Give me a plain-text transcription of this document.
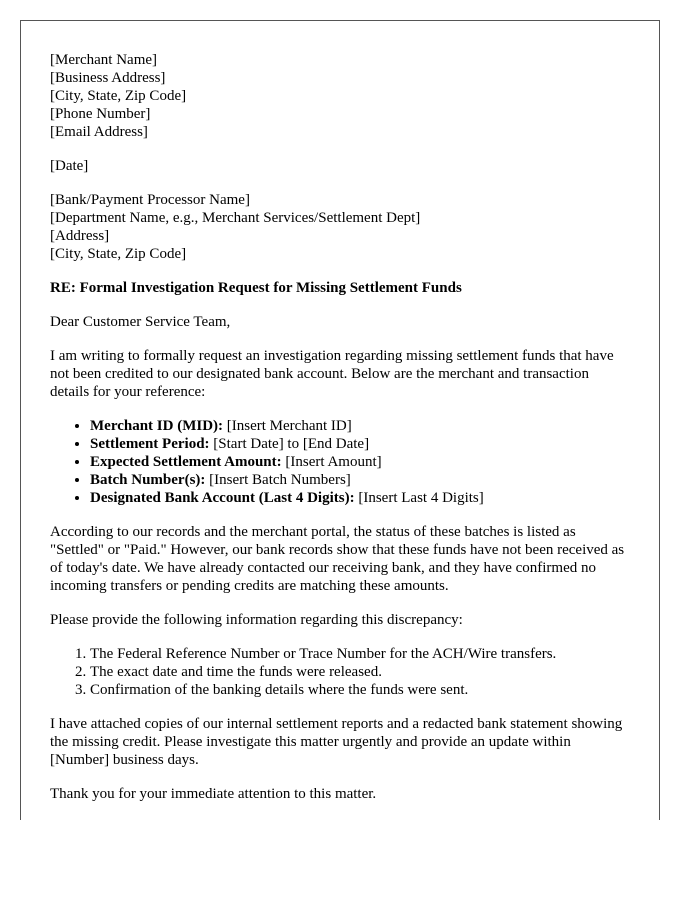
[Merchant Name]
[Business Address]
[City, State, Zip Code]
[Phone Number]
[Email Address]

[Date]

[Bank/Payment Processor Name]
[Department Name, e.g., Merchant Services/Settlement Dept]
[Address]
[City, State, Zip Code]

RE: Formal Investigation Request for Missing Settlement Funds

Dear Customer Service Team,

I am writing to formally request an investigation regarding missing settlement funds that have not been credited to our designated bank account. Below are the merchant and transaction details for your reference:

• Merchant ID (MID): [Insert Merchant ID]
• Settlement Period: [Start Date] to [End Date]
• Expected Settlement Amount: [Insert Amount]
• Batch Number(s): [Insert Batch Numbers]
• Designated Bank Account (Last 4 Digits): [Insert Last 4 Digits]

According to our records and the merchant portal, the status of these batches is listed as "Settled" or "Paid." However, our bank records show that these funds have not been received as of today's date. We have already contacted our receiving bank, and they have confirmed no incoming transfers or pending credits are matching these amounts.

Please provide the following information regarding this discrepancy:

1. The Federal Reference Number or Trace Number for the ACH/Wire transfers.
2. The exact date and time the funds were released.
3. Confirmation of the banking details where the funds were sent.

I have attached copies of our internal settlement reports and a redacted bank statement showing the missing credit. Please investigate this matter urgently and provide an update within [Number] business days.

Thank you for your immediate attention to this matter.
